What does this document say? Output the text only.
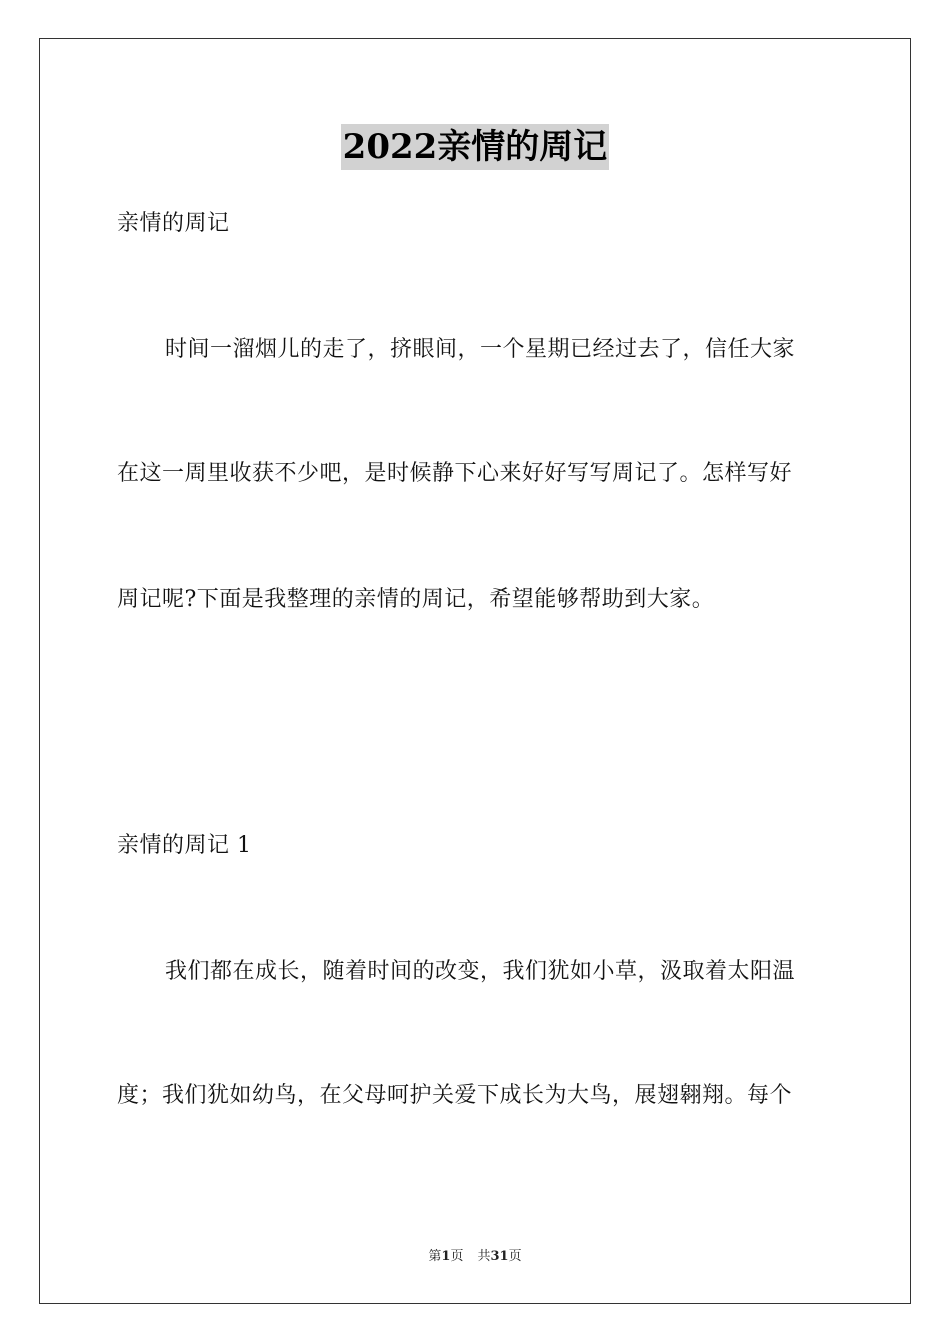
2022亲情的周记
亲情的周记
时间一溜烟儿的走了，挤眼间，一个星期已经过去了，信任大家
在这一周里收获不少吧，是时候静下心来好好写写周记了。怎样写好
周记呢?下面是我整理的亲情的周记，希望能够帮助到大家。
亲情的周记 1
我们都在成长，随着时间的改变，我们犹如小草，汲取着太阳温
度；我们犹如幼鸟，在父母呵护关爱下成长为大鸟，展翅翱翔。每个
第1页 共31页
